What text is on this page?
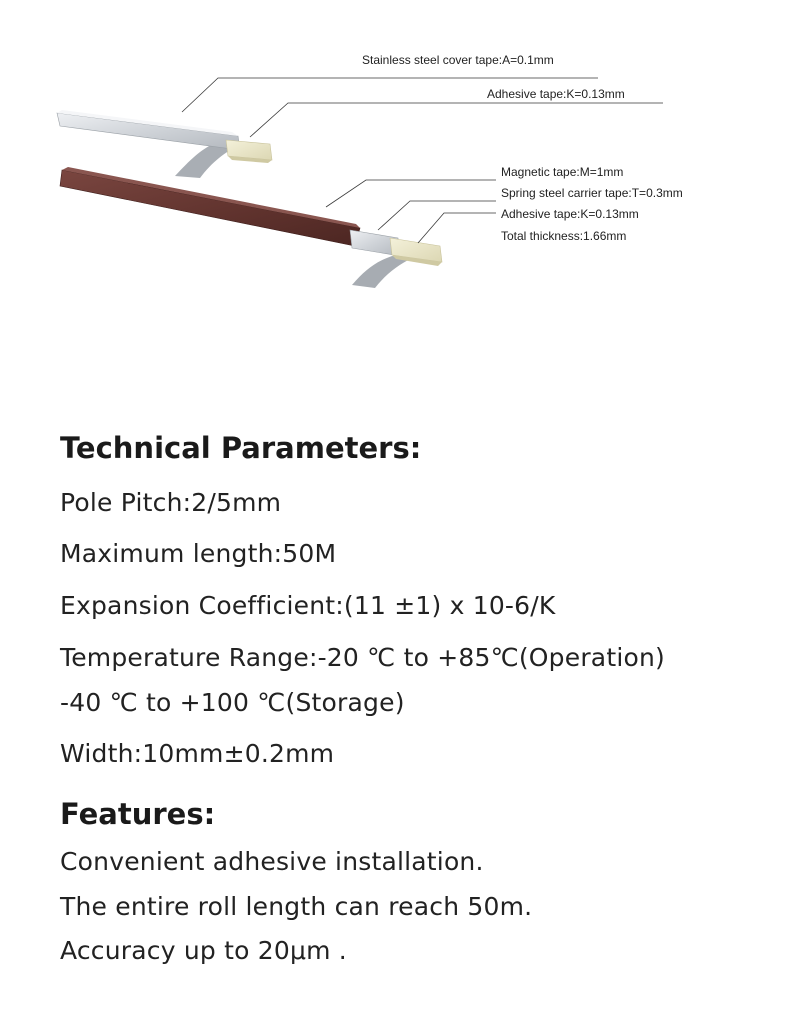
Stainless steel cover tape:A=0.1mm
Adhesive tape:K=0.13mm
Magnetic tape:M=1mm
Spring steel carrier tape:T=0.3mm
Adhesive tape:K=0.13mm
Total thickness:1.66mm
Technical Parameters:

Pole Pitch:2/5mm

Maximum length:50M

Expansion Coefficient:(11 ±1) x 10-6/K

Temperature Range:-20 ℃ to +85℃(Operation)

-40 ℃ to +100 ℃(Storage)

Width:10mm±0.2mm

Features:

Convenient adhesive installation.

The entire roll length can reach 50m.

Accuracy up to 20μm .
